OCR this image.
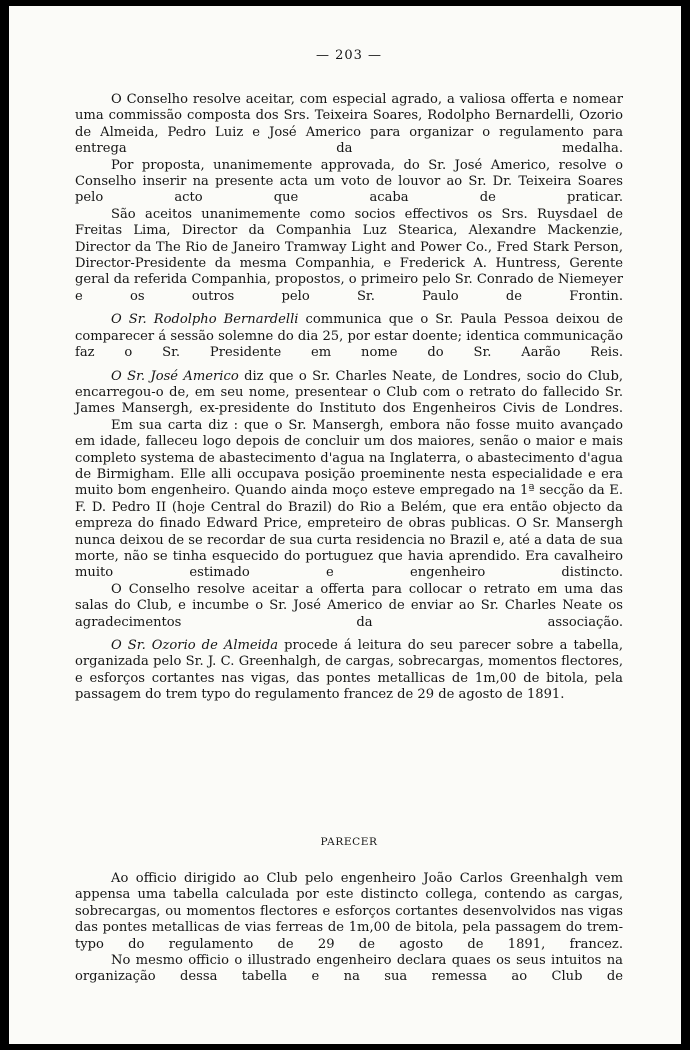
— 203 —

O Conselho resolve aceitar, com especial agrado, a valiosa offerta e nomear uma commissão composta dos Srs. Teixeira Soares, Rodolpho Bernardelli, Ozorio de Almeida, Pedro Luiz e José Americo para organizar o regulamento para entrega da medalha.

Por proposta, unanimemente approvada, do Sr. José Americo, resolve o Conselho inserir na presente acta um voto de louvor ao Sr. Dr. Teixeira Soares pelo acto que acaba de praticar.

São aceitos unanimemente como socios effectivos os Srs. Ruysdael de Freitas Lima, Director da Companhia Luz Stearica, Alexandre Mackenzie, Director da The Rio de Janeiro Tramway Light and Power Co., Fred Stark Person, Director-Presidente da mesma Companhia, e Frederick A. Huntress, Gerente geral da referida Companhia, propostos, o primeiro pelo Sr. Conrado de Niemeyer e os outros pelo Sr. Paulo de Frontin.

O Sr. Rodolpho Bernardelli communica que o Sr. Paula Pessoa deixou de comparecer á sessão solemne do dia 25, por estar doente; identica communicação faz o Sr. Presidente em nome do Sr. Aarão Reis.

O Sr. José Americo diz que o Sr. Charles Neate, de Londres, socio do Club, encarregou-o de, em seu nome, presentear o Club com o retrato do fallecido Sr. James Mansergh, ex-presidente do Instituto dos Engenheiros Civis de Londres.

Em sua carta diz : que o Sr. Mansergh, embora não fosse muito avançado em idade, falleceu logo depois de concluir um dos maiores, senão o maior e mais completo systema de abastecimento d'agua na Inglaterra, o abastecimento d'agua de Birmigham. Elle alli occupava posição proeminente nesta especialidade e era muito bom engenheiro. Quando ainda moço esteve empregado na 1ª secção da E. F. D. Pedro II (hoje Central do Brazil) do Rio a Belém, que era então objecto da empreza do finado Edward Price, empreteiro de obras publicas. O Sr. Mansergh nunca deixou de se recordar de sua curta residencia no Brazil e, até a data de sua morte, não se tinha esquecido do portuguez que havia aprendido. Era cavalheiro muito estimado e engenheiro distincto.

O Conselho resolve aceitar a offerta para collocar o retrato em uma das salas do Club, e incumbe o Sr. José Americo de enviar ao Sr. Charles Neate os agradecimentos da associação.

O Sr. Ozorio de Almeida procede á leitura do seu parecer sobre a tabella, organizada pelo Sr. J. C. Greenhalgh, de cargas, sobrecargas, momentos flectores, e esforços cortantes nas vigas, das pontes metallicas de 1m,00 de bitola, pela passagem do trem typo do regulamento francez de 29 de agosto de 1891.

PARECER

Ao officio dirigido ao Club pelo engenheiro João Carlos Greenhalgh vem appensa uma tabella calculada por este distincto collega, contendo as cargas, sobrecargas, ou momentos flectores e esforços cortantes desenvolvidos nas vigas das pontes metallicas de vias ferreas de 1m,00 de bitola, pela passagem do trem-typo do regulamento de 29 de agosto de 1891, francez.

No mesmo officio o illustrado engenheiro declara quaes os seus intuitos na organização dessa tabella e na sua remessa ao Club de
